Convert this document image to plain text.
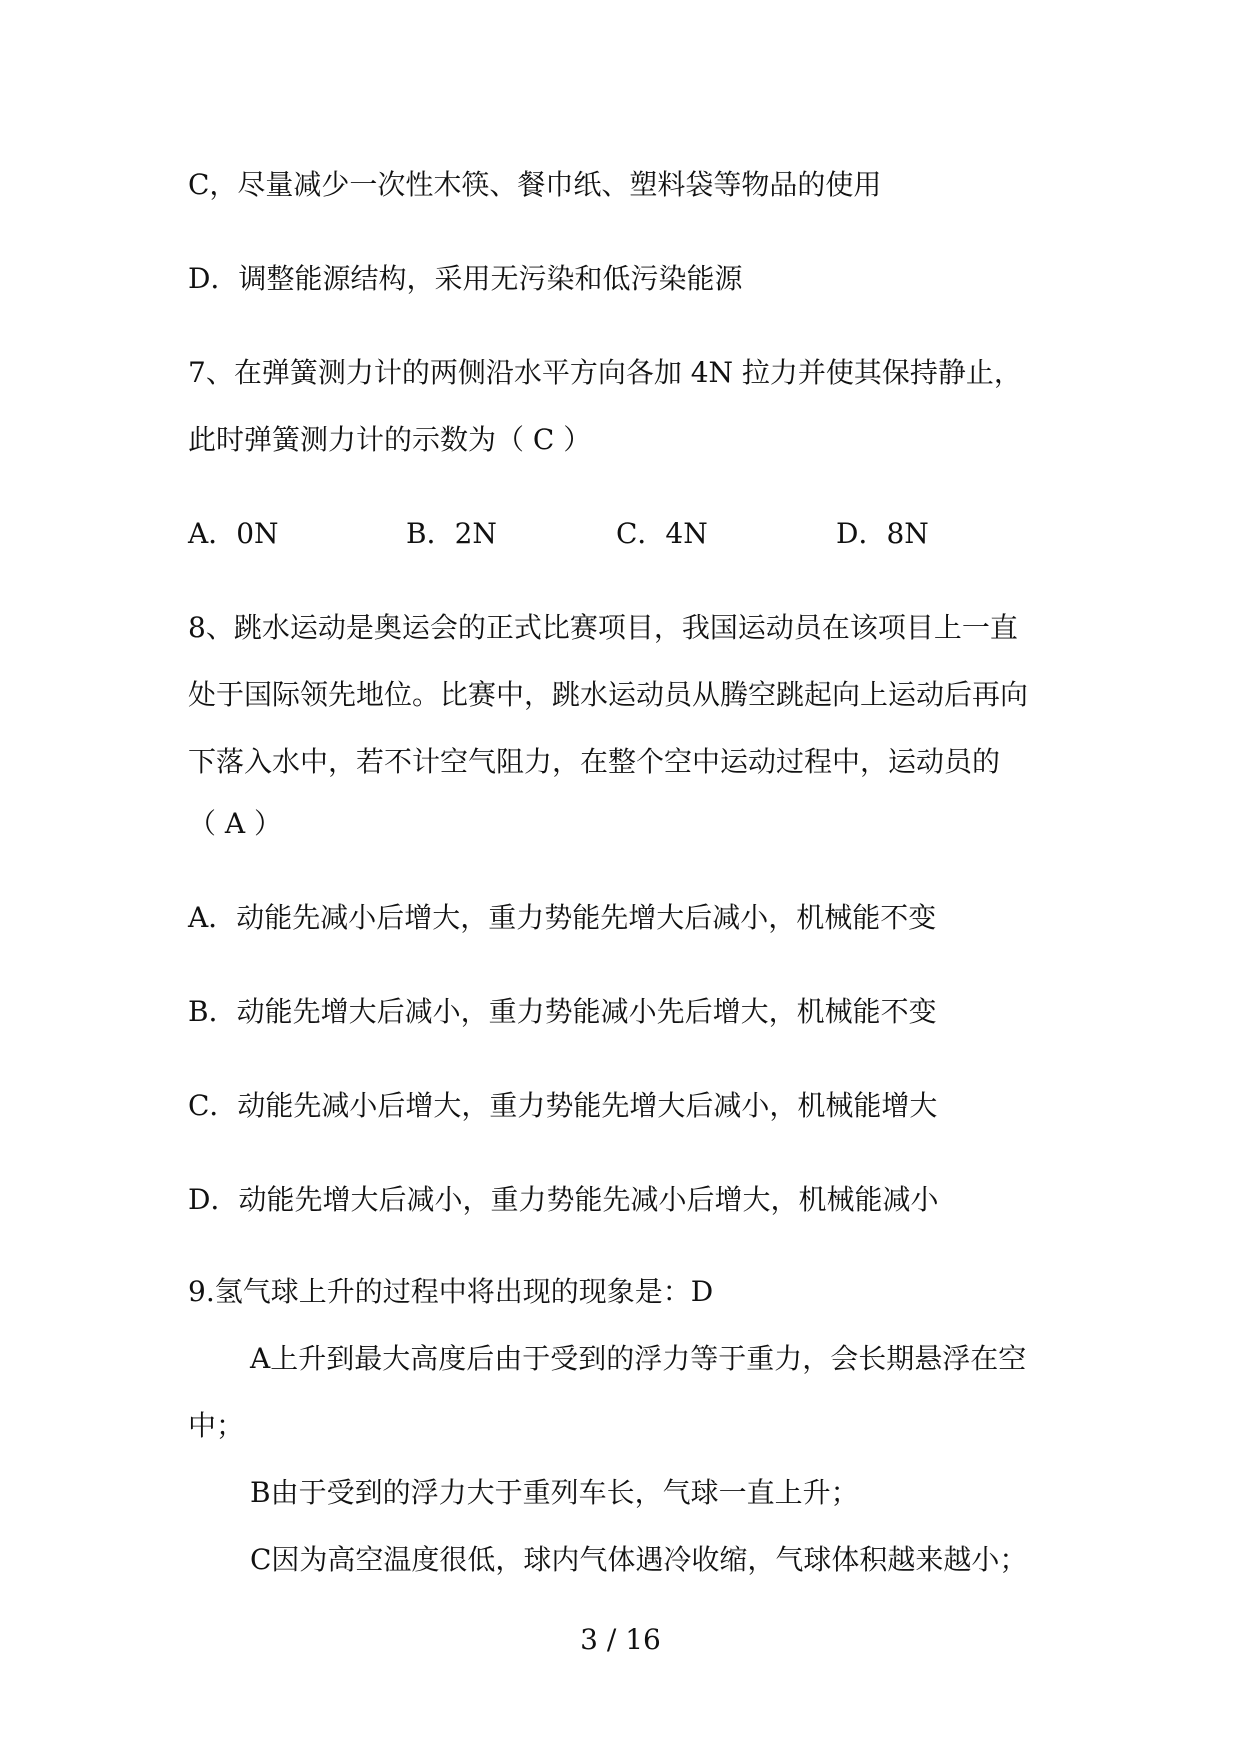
C，尽量减少一次性木筷、餐巾纸、塑料袋等物品的使用
D．调整能源结构，采用无污染和低污染能源
7、在弹簧测力计的两侧沿水平方向各加 4N 拉力并使其保持静止，
此时弹簧测力计的示数为（ C ）
A．0N	B．2N	C．4N	D．8N
8、跳水运动是奥运会的正式比赛项目，我国运动员在该项目上一直
处于国际领先地位。比赛中，跳水运动员从腾空跳起向上运动后再向
下落入水中，若不计空气阻力，在整个空中运动过程中，运动员的
（ A ）
A．动能先减小后增大，重力势能先增大后减小，机械能不变
B．动能先增大后减小，重力势能减小先后增大，机械能不变
C．动能先减小后增大，重力势能先增大后减小，机械能增大
D．动能先增大后减小，重力势能先减小后增大，机械能减小
9.氢气球上升的过程中将出现的现象是：D
A上升到最大高度后由于受到的浮力等于重力，会长期悬浮在空
中；
B由于受到的浮力大于重列车长，气球一直上升；
C因为高空温度很低，球内气体遇冷收缩，气球体积越来越小；
3 / 16
